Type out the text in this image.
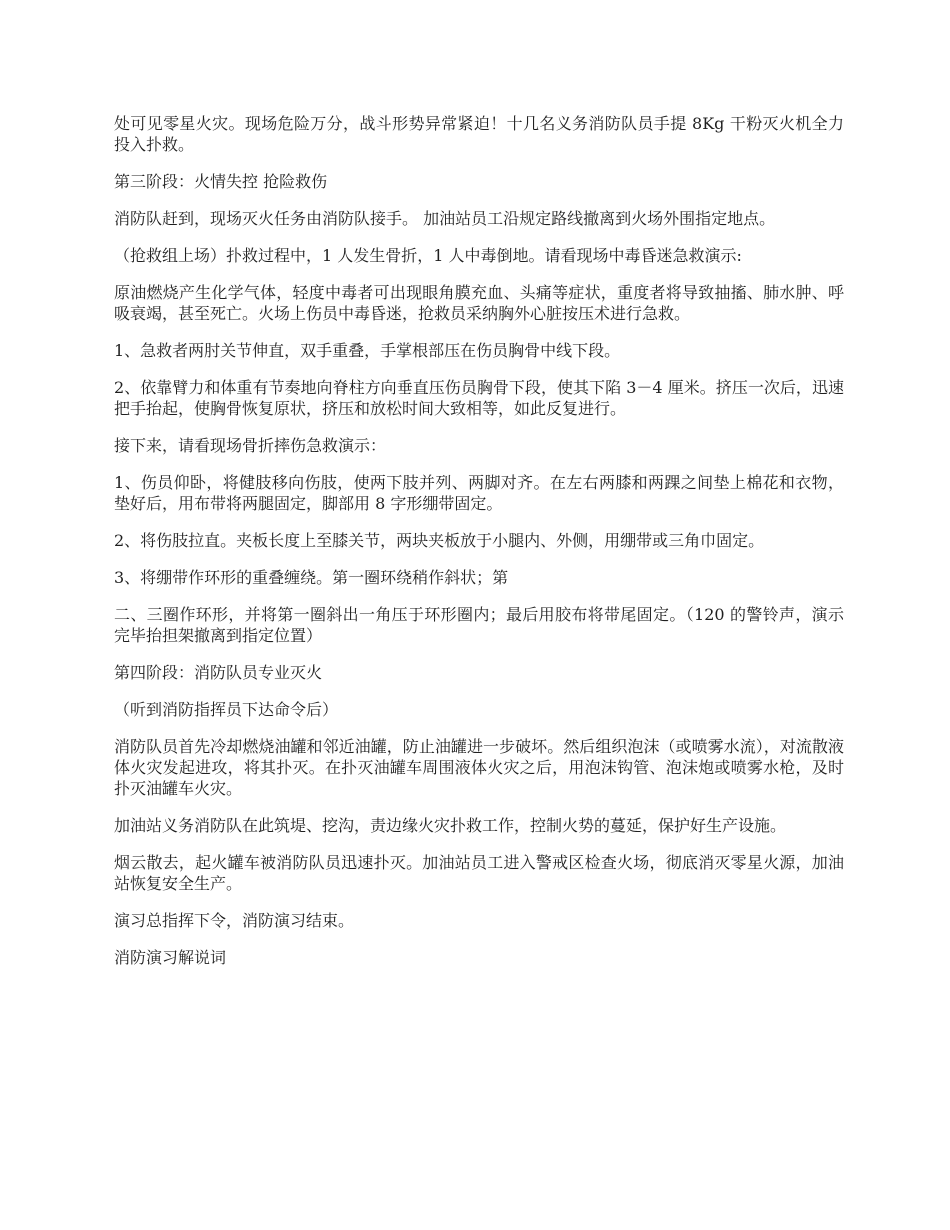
处可见零星火灾。现场危险万分，战斗形势异常紧迫！十几名义务消防队员手提 8Kg 干粉灭火机全力投入扑救。

第三阶段：火情失控 抢险救伤

消防队赶到，现场灭火任务由消防队接手。 加油站员工沿规定路线撤离到火场外围指定地点。

（抢救组上场）扑救过程中，1 人发生骨折，1 人中毒倒地。请看现场中毒昏迷急救演示:

原油燃烧产生化学气体，轻度中毒者可出现眼角膜充血、头痛等症状，重度者将导致抽搐、肺水肿、呼吸衰竭，甚至死亡。火场上伤员中毒昏迷，抢救员采纳胸外心脏按压术进行急救。

1、急救者两肘关节伸直，双手重叠，手掌根部压在伤员胸骨中线下段。

2、依靠臂力和体重有节奏地向脊柱方向垂直压伤员胸骨下段，使其下陷 3－4 厘米。挤压一次后，迅速把手抬起，使胸骨恢复原状，挤压和放松时间大致相等，如此反复进行。

接下来，请看现场骨折摔伤急救演示：

1、伤员仰卧，将健肢移向伤肢，使两下肢并列、两脚对齐。在左右两膝和两踝之间垫上棉花和衣物，垫好后，用布带将两腿固定，脚部用 8 字形绷带固定。

2、将伤肢拉直。夹板长度上至膝关节，两块夹板放于小腿内、外侧，用绷带或三角巾固定。

3、将绷带作环形的重叠缠绕。第一圈环绕稍作斜状；第

二、三圈作环形，并将第一圈斜出一角压于环形圈内；最后用胶布将带尾固定。（120 的警铃声，演示完毕抬担架撤离到指定位置）

第四阶段：消防队员专业灭火

（听到消防指挥员下达命令后）

消防队员首先冷却燃烧油罐和邻近油罐，防止油罐进一步破坏。然后组织泡沫（或喷雾水流），对流散液体火灾发起进攻，将其扑灭。在扑灭油罐车周围液体火灾之后，用泡沫钩管、泡沫炮或喷雾水枪，及时扑灭油罐车火灾。

加油站义务消防队在此筑堤、挖沟，责边缘火灾扑救工作，控制火势的蔓延，保护好生产设施。

烟云散去，起火罐车被消防队员迅速扑灭。加油站员工进入警戒区检查火场，彻底消灭零星火源，加油站恢复安全生产。

演习总指挥下令，消防演习结束。

消防演习解说词
